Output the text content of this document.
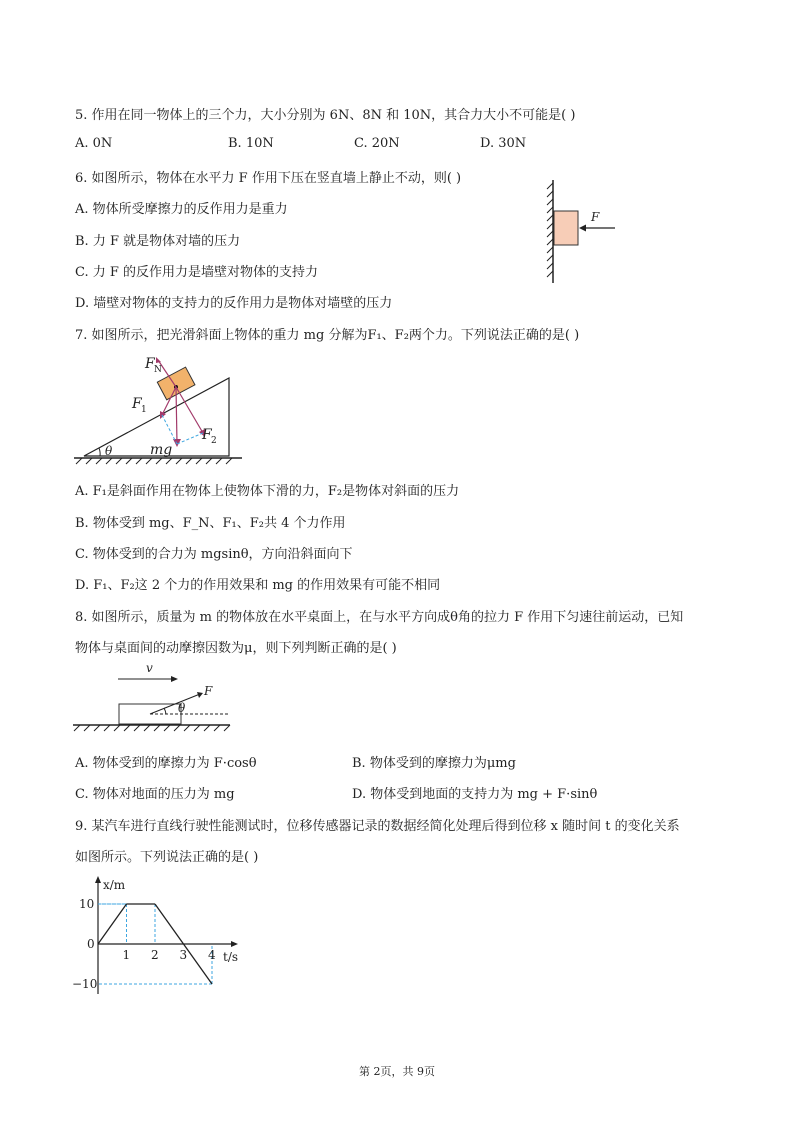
5. 作用在同一物体上的三个力，大小分别为 6N、8N 和 10N，其合力大小不可能是( )
A. 0N	B. 10N	C. 20N	D. 30N
6. 如图所示，物体在水平力 F 作用下压在竖直墙上静止不动，则( )
A. 物体所受摩擦力的反作用力是重力
B. 力 F 就是物体对墙的压力
C. 力 F 的反作用力是墙壁对物体的支持力
D. 墙壁对物体的支持力的反作用力是物体对墙壁的压力
F
7. 如图所示，把光滑斜面上物体的重力 mg 分解为F₁、F₂两个力。下列说法正确的是( )
F N
F 1
F 2
mg
θ
A. F₁是斜面作用在物体上使物体下滑的力，F₂是物体对斜面的压力
B. 物体受到 mg、F_N、F₁、F₂共 4 个力作用
C. 物体受到的合力为 mgsinθ，方向沿斜面向下
D. F₁、F₂这 2 个力的作用效果和 mg 的作用效果有可能不相同
8. 如图所示，质量为 m 的物体放在水平桌面上，在与水平方向成θ角的拉力 F 作用下匀速往前运动，已知
物体与桌面间的动摩擦因数为μ，则下列判断正确的是( )
v
F
θ
A. 物体受到的摩擦力为 F·cosθ	B. 物体受到的摩擦力为μmg
C. 物体对地面的压力为 mg	D. 物体受到地面的支持力为 mg + F·sinθ
9. 某汽车进行直线行驶性能测试时，位移传感器记录的数据经简化处理后得到位移 x 随时间 t 的变化关系
如图所示。下列说法正确的是( )
x/m
t/s
1 2 3 4
10
0
−10
第 2页，共 9页
